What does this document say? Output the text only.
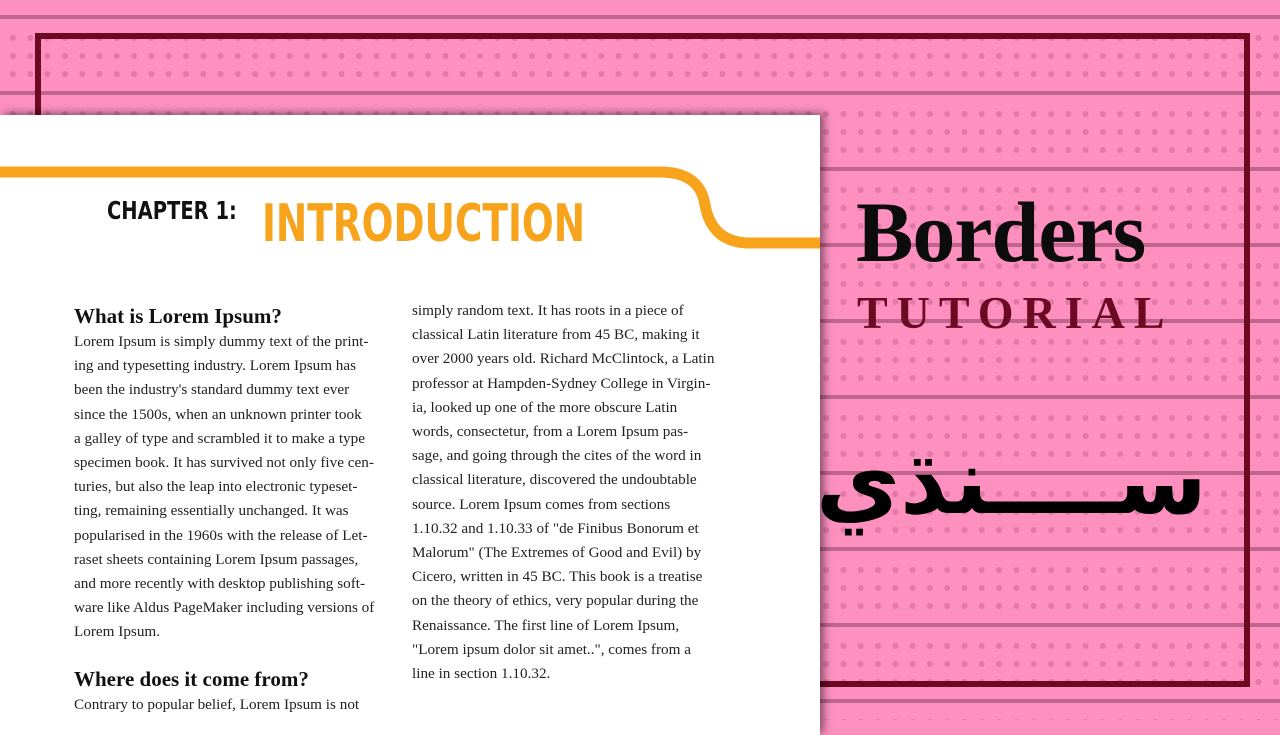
CHAPTER 1: INTRODUCTION
What is Lorem Ipsum?
Lorem Ipsum is simply dummy text of the print-
ing and typesetting industry. Lorem Ipsum has
been the industry's standard dummy text ever
since the 1500s, when an unknown printer took
a galley of type and scrambled it to make a type
specimen book. It has survived not only five cen-
turies, but also the leap into electronic typeset-
ting, remaining essentially unchanged. It was
popularised in the 1960s with the release of Let-
raset sheets containing Lorem Ipsum passages,
and more recently with desktop publishing soft-
ware like Aldus PageMaker including versions of
Lorem Ipsum.
Where does it come from?
Contrary to popular belief, Lorem Ipsum is not
simply random text. It has roots in a piece of
classical Latin literature from 45 BC, making it
over 2000 years old. Richard McClintock, a Latin
professor at Hampden-Sydney College in Virgin-
ia, looked up one of the more obscure Latin
words, consectetur, from a Lorem Ipsum pas-
sage, and going through the cites of the word in
classical literature, discovered the undoubtable
source. Lorem Ipsum comes from sections
1.10.32 and 1.10.33 of "de Finibus Bonorum et
Malorum" (The Extremes of Good and Evil) by
Cicero, written in 45 BC. This book is a treatise
on the theory of ethics, very popular during the
Renaissance. The first line of Lorem Ipsum,
"Lorem ipsum dolor sit amet..", comes from a
line in section 1.10.32.
Borders
TUTORIAL
ســــنڌي
